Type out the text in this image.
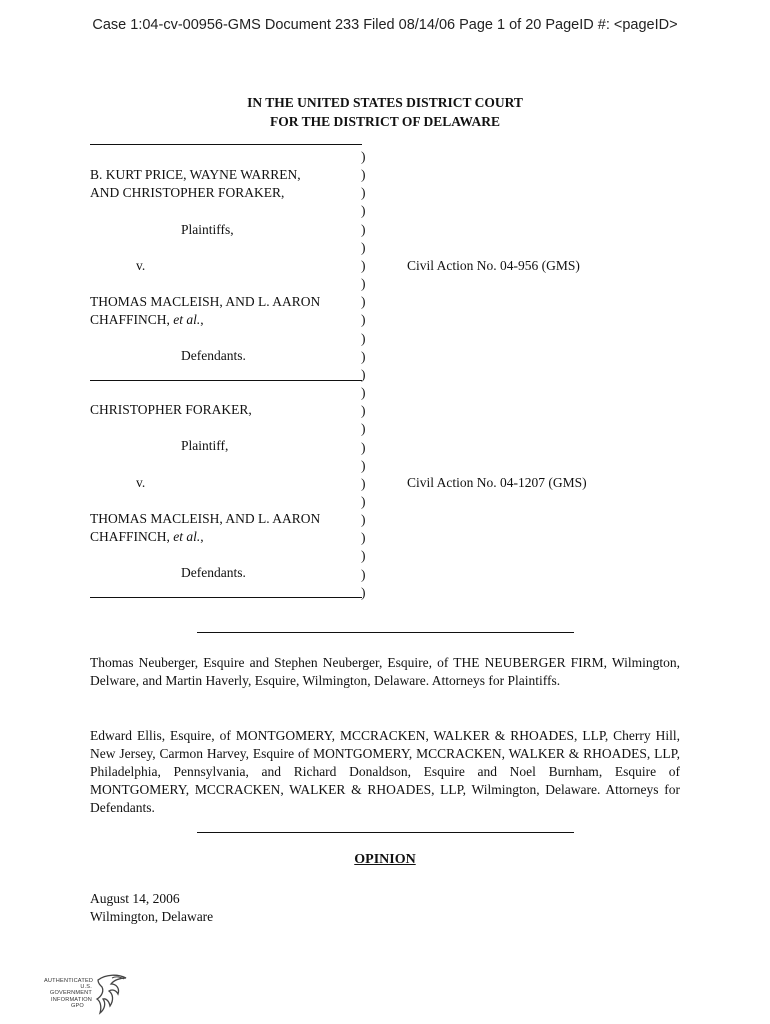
Case 1:04-cv-00956-GMS Document 233 Filed 08/14/06 Page 1 of 20 PageID #: <pageID>
IN THE UNITED STATES DISTRICT COURT
FOR THE DISTRICT OF DELAWARE
B. KURT PRICE, WAYNE WARREN,
AND CHRISTOPHER FORAKER,
Plaintiffs,
v.
THOMAS MACLEISH, AND L. AARON
CHAFFINCH, et al.,
Defendants.
Civil Action No. 04-956 (GMS)
CHRISTOPHER FORAKER,
Plaintiff,
v.
THOMAS MACLEISH, AND L. AARON
CHAFFINCH, et al.,
Defendants.
Civil Action No. 04-1207 (GMS)
)
)
)
)
)
)
)
)
)
)
)
)
)
)
)
)
)
)
)
)
)
)
)
)
)
Thomas Neuberger, Esquire and Stephen Neuberger, Esquire, of THE NEUBERGER FIRM, Wilmington, Delware, and Martin Haverly, Esquire, Wilmington, Delaware. Attorneys for Plaintiffs.
Edward Ellis, Esquire, of MONTGOMERY, MCCRACKEN, WALKER & RHOADES, LLP, Cherry Hill, New Jersey, Carmon Harvey, Esquire of MONTGOMERY, MCCRACKEN, WALKER & RHOADES, LLP, Philadelphia, Pennsylvania, and Richard Donaldson, Esquire and Noel Burnham, Esquire of MONTGOMERY, MCCRACKEN, WALKER & RHOADES, LLP, Wilmington, Delaware. Attorneys for Defendants.
OPINION
August 14, 2006
Wilmington, Delaware
AUTHENTICATED
U.S. GOVERNMENT
INFORMATION
GPO
